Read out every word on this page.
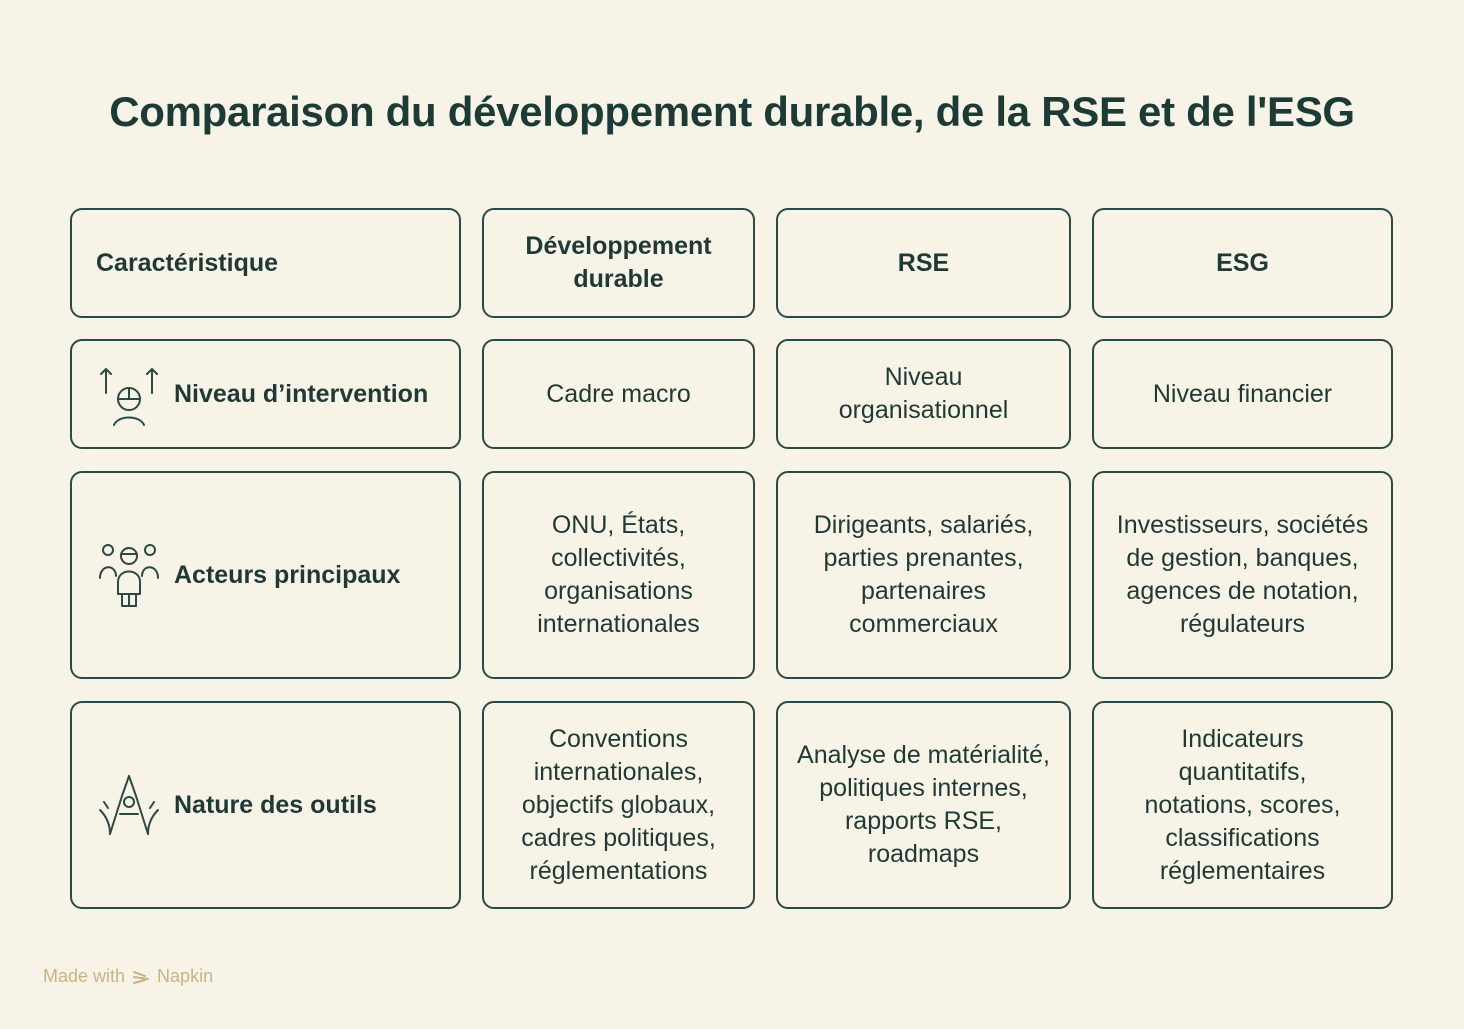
Comparaison du développement durable, de la RSE et de l'ESG
Caractéristique
Développement durable
RSE	ESG
Niveau d’intervention	Cadre macro
Niveau organisationnel
Niveau financier
Acteurs principaux
ONU, États, collectivités, organisations internationales
Dirigeants, salariés, parties prenantes, partenaires commerciaux
Investisseurs, sociétés de gestion, banques, agences de notation, régulateurs
Nature des outils
Conventions internationales, objectifs globaux, cadres politiques, réglementations
Analyse de matérialité, politiques internes, rapports RSE, roadmaps
Indicateurs quantitatifs, notations, scores, classifications réglementaires
Made with Napkin
